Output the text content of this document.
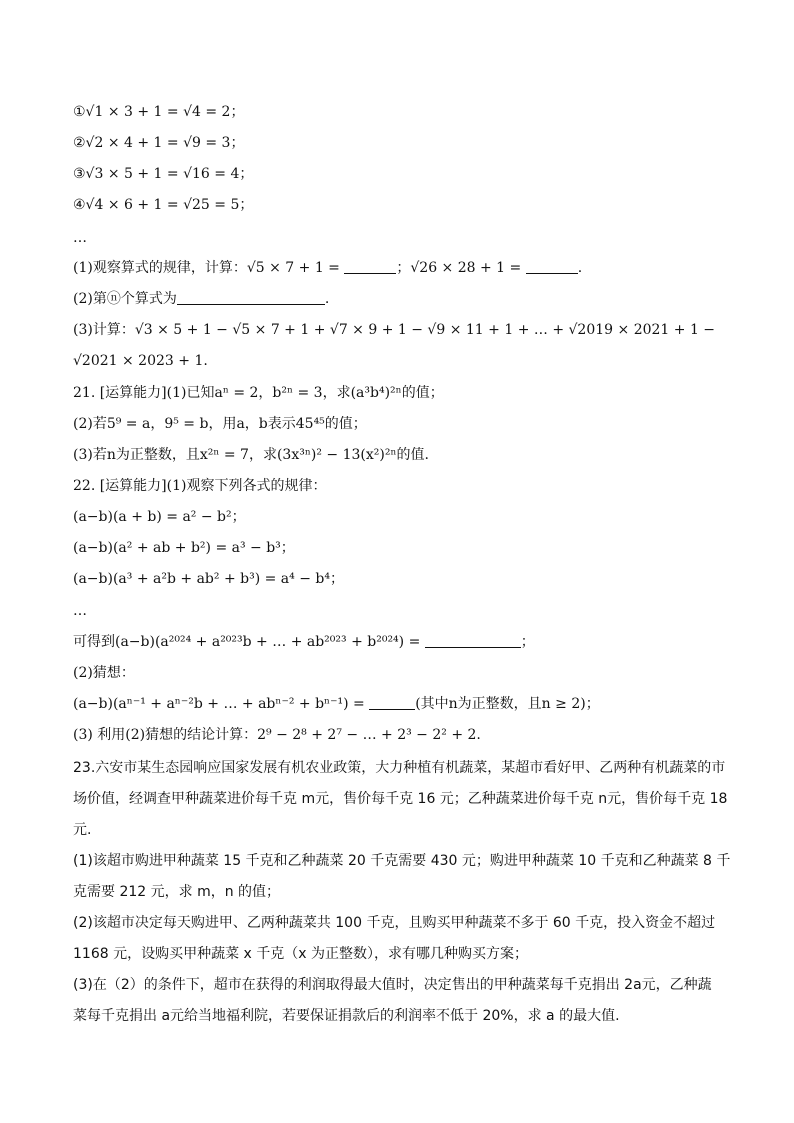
①√1 × 3 + 1 = √4 = 2；
②√2 × 4 + 1 = √9 = 3；
③√3 × 5 + 1 = √16 = 4；
④√4 × 6 + 1 = √25 = 5；
…
(1)观察算式的规律，计算：√5 × 7 + 1 =	；√26 × 28 + 1 =	.
(2)第ⓝ个算式为	.
(3)计算：√3 × 5 + 1 − √5 × 7 + 1 + √7 × 9 + 1 − √9 × 11 + 1 + … + √2019 × 2021 + 1 −
√2021 × 2023 + 1.
21. [运算能力](1)已知aⁿ = 2，b²ⁿ = 3，求(a³b⁴)²ⁿ的值；
(2)若5⁹ = a，9⁵ = b，用a，b表示45⁴⁵的值；
(3)若n为正整数，且x²ⁿ = 7，求(3x³ⁿ)² − 13(x²)²ⁿ的值.
22. [运算能力](1)观察下列各式的规律：
(a−b)(a + b) = a² − b²；
(a−b)(a² + ab + b²) = a³ − b³；
(a−b)(a³ + a²b + ab² + b³) = a⁴ − b⁴；
…
可得到(a−b)(a²⁰²⁴ + a²⁰²³b + … + ab²⁰²³ + b²⁰²⁴) =	；
(2)猜想：
(a−b)(aⁿ⁻¹ + aⁿ⁻²b + … + abⁿ⁻² + bⁿ⁻¹) =	(其中n为正整数，且n ≥ 2)；
(3) 利用(2)猜想的结论计算：2⁹ − 2⁸ + 2⁷ − … + 2³ − 2² + 2.
23.六安市某生态园响应国家发展有机农业政策，大力种植有机蔬菜，某超市看好甲、乙两种有机蔬菜的市
场价值，经调查甲种蔬菜进价每千克 m元，售价每千克 16 元；乙种蔬菜进价每千克 n元，售价每千克 18
元.
(1)该超市购进甲种蔬菜 15 千克和乙种蔬菜 20 千克需要 430 元；购进甲种蔬菜 10 千克和乙种蔬菜 8 千
克需要 212 元，求 m，n 的值；
(2)该超市决定每天购进甲、乙两种蔬菜共 100 千克，且购买甲种蔬菜不多于 60 千克，投入资金不超过
1168 元，设购买甲种蔬菜 x 千克（x 为正整数），求有哪几种购买方案；
(3)在（2）的条件下，超市在获得的利润取得最大值时，决定售出的甲种蔬菜每千克捐出 2a元，乙种蔬
菜每千克捐出 a元给当地福利院，若要保证捐款后的利润率不低于 20%，求 a 的最大值.
